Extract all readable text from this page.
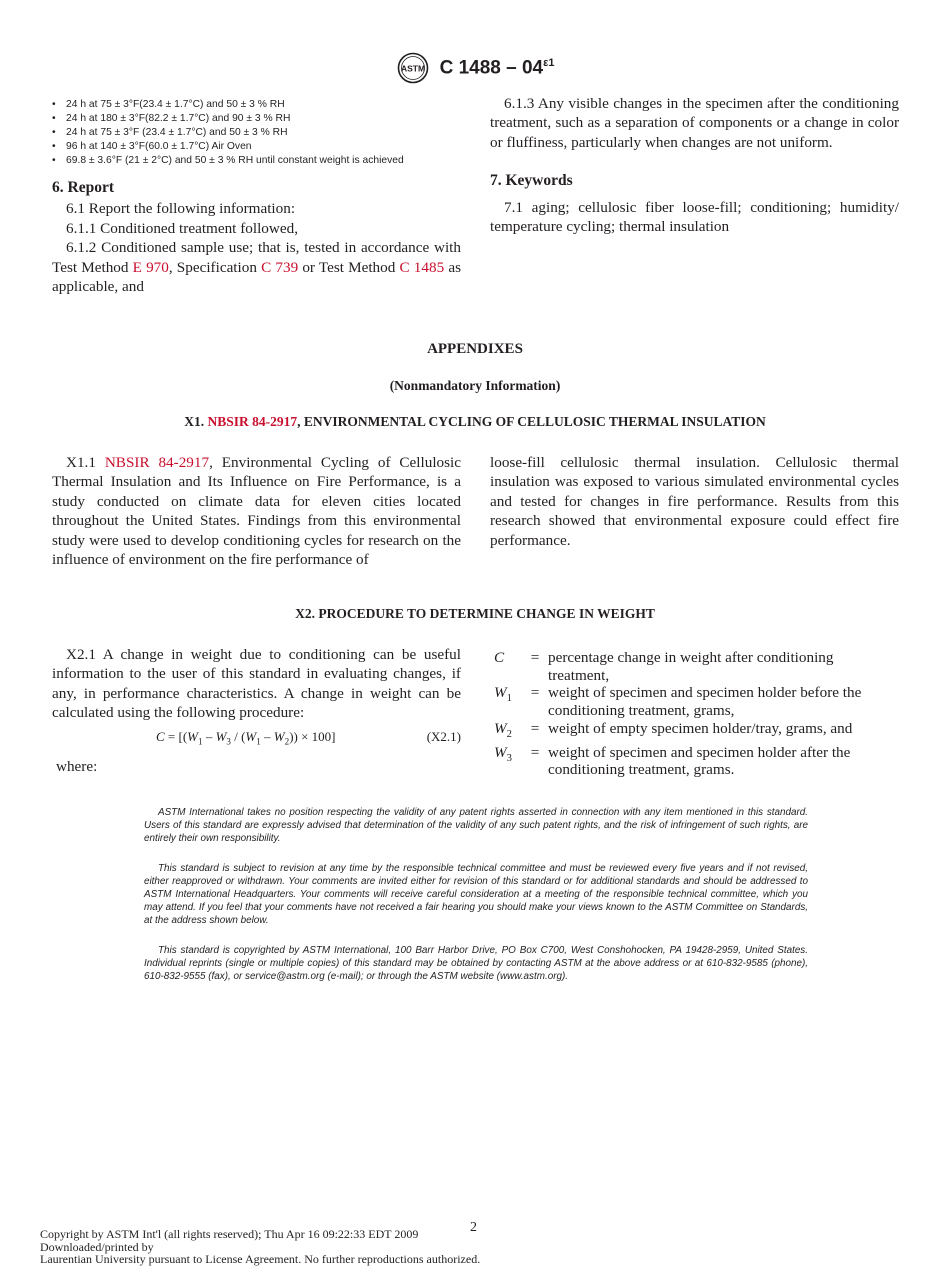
ASTM C $1488 - 04^{\varepsilon 1}$
• 24 h at 75 ± 3°F(23.4 ± 1.7°C) and 50 ± 3 % RH
• 24 h at 180 ± 3°F(82.2 ± 1.7°C) and 90 ± 3 % RH
• 24 h at 75 ± 3°F (23.4 ± 1.7°C) and 50 ± 3 % RH
• 96 h at 140 ± 3°F(60.0 ± 1.7°C) Air Oven
• 69.8 ± 3.6°F (21 ± 2°C) and 50 ± 3 % RH until constant weight is achieved

6. Report

6.1 Report the following information:

6.1.1 Conditioned treatment followed,

6.1.2 Conditioned sample use; that is, tested in accordance with Test Method E 970, Specification C 739 or Test Method C 1485 as applicable, and

6.1.3 Any visible changes in the specimen after the conditioning treatment, such as a separation of components or a change in color or fluffiness, particularly when changes are not uniform.

7. Keywords

7.1 aging; cellulosic fiber loose-fill; conditioning; humidity/ temperature cycling; thermal insulation

APPENDIXES
(Nonmandatory Information)
X1. NBSIR 84-2917, ENVIRONMENTAL CYCLING OF CELLULOSIC THERMAL INSULATION

X1.1 NBSIR 84-2917, Environmental Cycling of Cellulosic Thermal Insulation and Its Influence on Fire Performance, is a study conducted on climate data for eleven cities located throughout the United States. Findings from this environmental study were used to develop conditioning cycles for research on the influence of environment on the fire performance of

loose-fill cellulosic thermal insulation. Cellulosic thermal insulation was exposed to various simulated environmental cycles and tested for changes in fire performance. Results from this research showed that environmental exposure could effect fire performance.

X2. PROCEDURE TO DETERMINE CHANGE IN WEIGHT

X2.1 A change in weight due to conditioning can be useful information to the user of this standard in evaluating changes, if any, in performance characteristics. A change in weight can be calculated using the following procedure:

$C = [(W_1 - W_3 / (W_1 - W_2)) \times 100]$	(X2.1)
where:
C	=	percentage change in weight after conditioning treatment,
$W_1$	=	weight of specimen and specimen holder before the conditioning treatment, grams,
$W_2$	=	weight of empty specimen holder/tray, grams, and
$W_3$	=	weight of specimen and specimen holder after the conditioning treatment, grams.

ASTM International takes no position respecting the validity of any patent rights asserted in connection with any item mentioned in this standard. Users of this standard are expressly advised that determination of the validity of any such patent rights, and the risk of infringement of such rights, are entirely their own responsibility.

This standard is subject to revision at any time by the responsible technical committee and must be reviewed every five years and if not revised, either reapproved or withdrawn. Your comments are invited either for revision of this standard or for additional standards and should be addressed to ASTM International Headquarters. Your comments will receive careful consideration at a meeting of the responsible technical committee, which you may attend. If you feel that your comments have not received a fair hearing you should make your views known to the ASTM Committee on Standards, at the address shown below.

This standard is copyrighted by ASTM International, 100 Barr Harbor Drive, PO Box C700, West Conshohocken, PA 19428-2959, United States. Individual reprints (single or multiple copies) of this standard may be obtained by contacting ASTM at the above address or at 610-832-9585 (phone), 610-832-9555 (fax), or service@astm.org (e-mail); or through the ASTM website (www.astm.org).

2
Copyright by ASTM Int'l (all rights reserved); Thu Apr 16 09:22:33 EDT 2009
Downloaded/printed by
Laurentian University pursuant to License Agreement. No further reproductions authorized.
